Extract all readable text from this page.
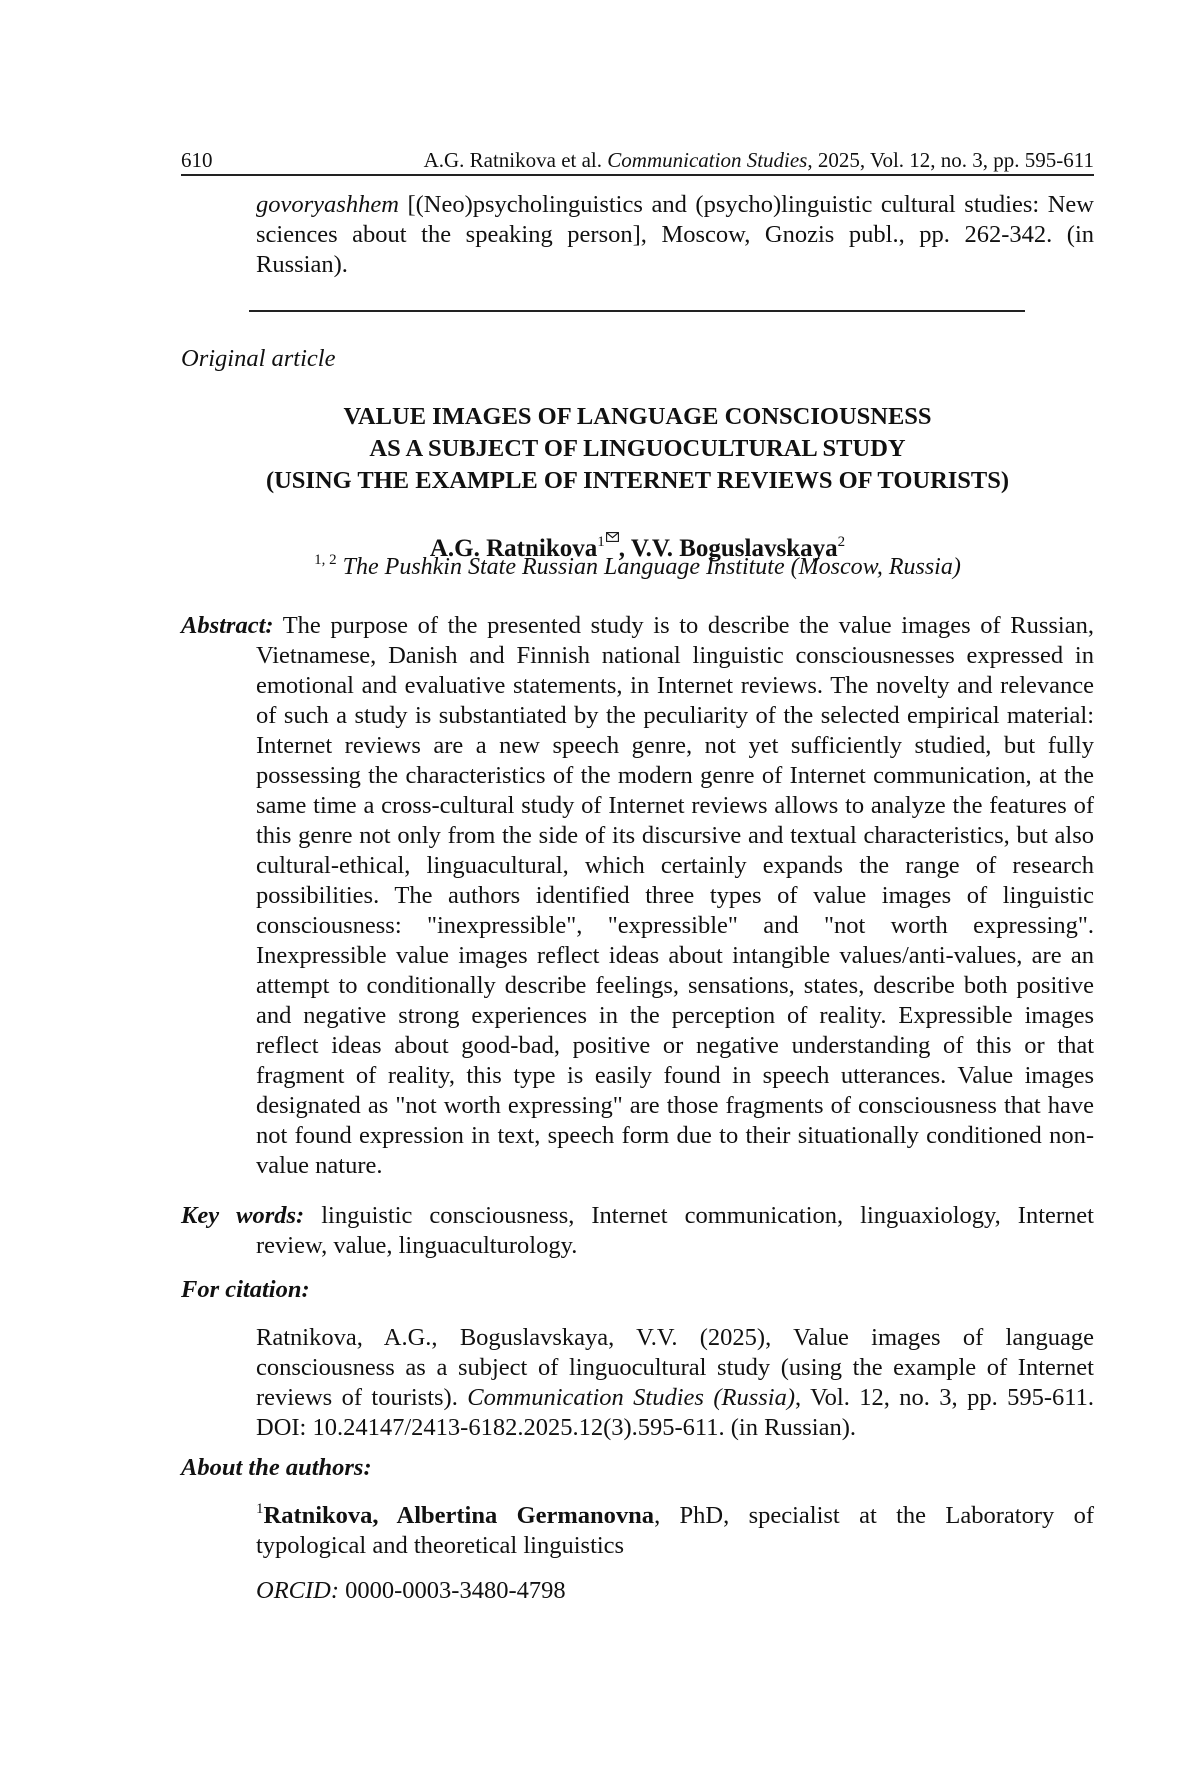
610	A.G. Ratnikova et al. Communication Studies, 2025, Vol. 12, no. 3, pp. 595-611
govoryashhem [(Neo)psycholinguistics and (psycho)linguistic cultural studies: New sciences about the speaking person], Moscow, Gnozis publ., pp. 262-342. (in Russian).
Original article
VALUE IMAGES OF LANGUAGE CONSCIOUSNESS
AS A SUBJECT OF LINGUOCULTURAL STUDY
(USING THE EXAMPLE OF INTERNET REVIEWS OF TOURISTS)
A.G. Ratnikova$^1$ , V.V. Boguslavskaya$^2$
$^{1, 2}$ The Pushkin State Russian Language Institute (Moscow, Russia)
Abstract: The purpose of the presented study is to describe the value images of Russian, Vietnamese, Danish and Finnish national linguistic consciousnesses expressed in emotional and evaluative statements, in Internet reviews. The novelty and relevance of such a study is substantiated by the peculiarity of the selected empirical material: Internet reviews are a new speech genre, not yet sufficiently studied, but fully possessing the characteristics of the modern genre of Internet communication, at the same time a cross-cultural study of Internet reviews allows to analyze the features of this genre not only from the side of its discursive and textual characteristics, but also cultural-ethical, linguacultural, which certainly expands the range of research possibilities. The authors identified three types of value images of linguistic consciousness: "inexpressible", "expressible" and "not worth expressing". Inexpressible value images reflect ideas about intangible values/anti-values, are an attempt to conditionally describe feelings, sensations, states, describe both positive and negative strong experiences in the perception of reality. Expressible images reflect ideas about good-bad, positive or negative understanding of this or that fragment of reality, this type is easily found in speech utterances. Value images designated as "not worth expressing" are those fragments of consciousness that have not found expression in text, speech form due to their situationally conditioned non-value nature.
Key words: linguistic consciousness, Internet communication, linguaxiology, Internet review, value, linguaculturology.
For citation:
Ratnikova, A.G., Boguslavskaya, V.V. (2025), Value images of language consciousness as a subject of linguocultural study (using the example of Internet reviews of tourists). Communication Studies (Russia), Vol. 12, no. 3, pp. 595-611. DOI: 10.24147/2413-6182.2025.12(3).595-611. (in Russian).
About the authors:
$^1$Ratnikova, Albertina Germanovna, PhD, specialist at the Laboratory of typological and theoretical linguistics
ORCID: 0000-0003-3480-4798
